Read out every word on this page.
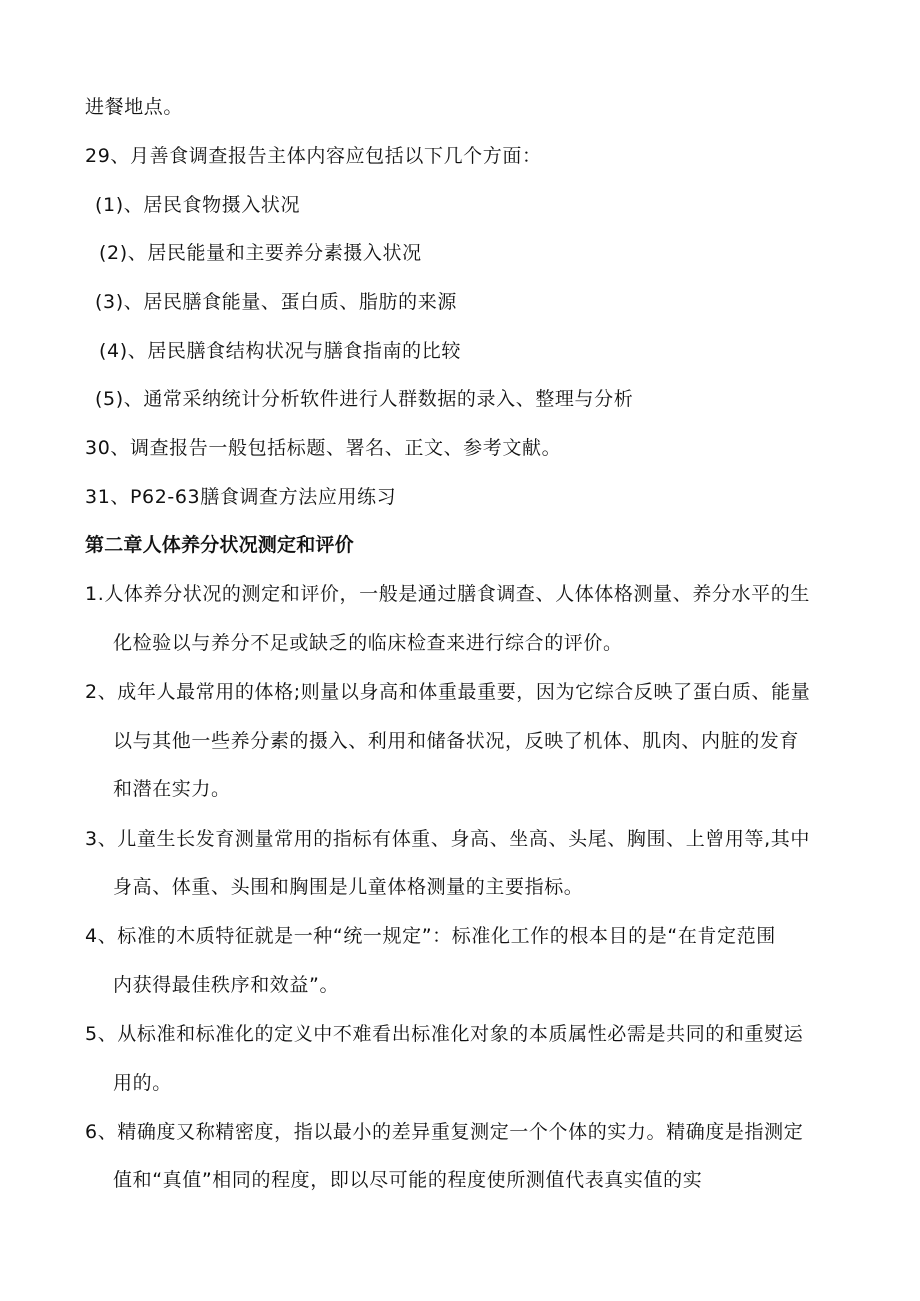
进餐地点。
29、月善食调查报告主体内容应包括以下几个方面：
(1)、居民食物摄入状况
(2)、居民能量和主要养分素摄入状况
(3)、居民膳食能量、蛋白质、脂肪的来源
(4)、居民膳食结构状况与膳食指南的比较
(5)、通常采纳统计分析软件进行人群数据的录入、整理与分析
30、调查报告一般包括标题、署名、正文、参考文献。
31、P62-63膳食调查方法应用练习
第二章人体养分状况测定和评价
1.人体养分状况的测定和评价，一般是通过膳食调查、人体体格测量、养分水平的生
化检验以与养分不足或缺乏的临床检查来进行综合的评价。
2、成年人最常用的体格;则量以身高和体重最重要，因为它综合反映了蛋白质、能量
以与其他一些养分素的摄入、利用和储备状况，反映了机体、肌肉、内脏的发育
和潜在实力。
3、儿童生长发育测量常用的指标有体重、身高、坐高、头尾、胸围、上曾用等,其中
身高、体重、头围和胸围是儿童体格测量的主要指标。
4、标准的木质特征就是一种“统一规定”：标准化工作的根本目的是“在肯定范围
内获得最佳秩序和效益”。
5、从标准和标准化的定义中不难看出标准化对象的本质属性必需是共同的和重熨运
用的。
6、精确度又称精密度，指以最小的差异重复测定一个个体的实力。精确度是指测定
值和“真值”相同的程度，即以尽可能的程度使所测值代表真实值的实
